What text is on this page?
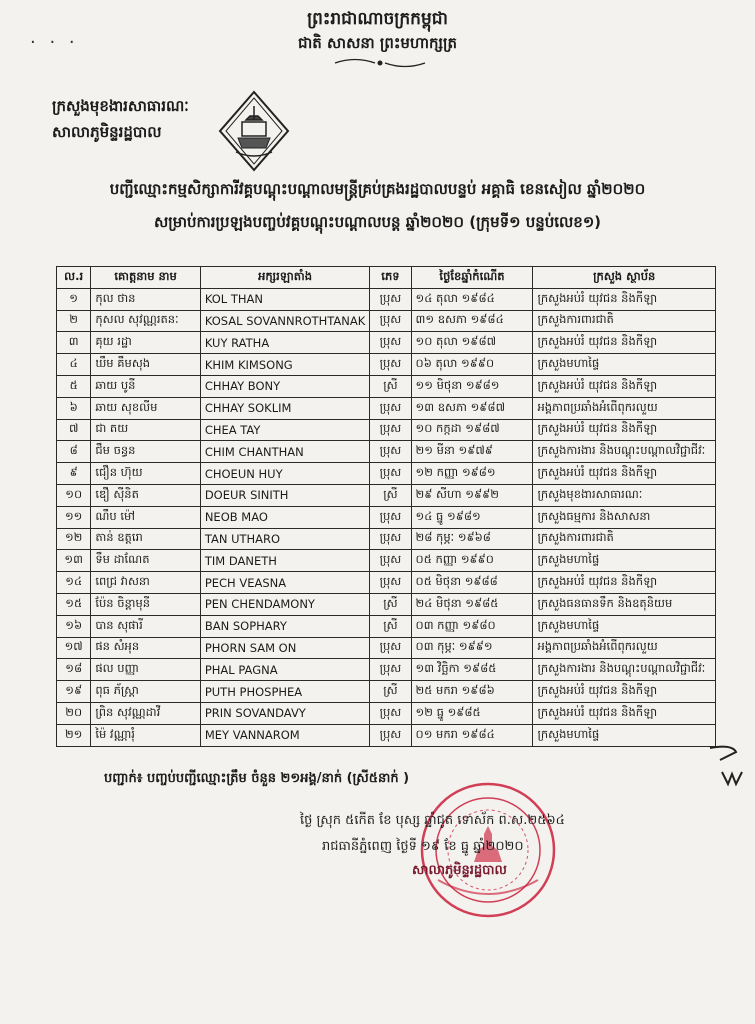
· · ·
ព្រះរាជាណាចក្រកម្ពុជា
ជាតិ សាសនា ព្រះមហាក្សត្រ
ក្រសួងមុខងារសាធារណៈ
សាលាភូមិន្ទរដ្ឋបាល
បញ្ជីឈ្មោះកម្មសិក្សាការីវគ្គបណ្តុះបណ្តាលមន្ត្រីគ្រប់គ្រងរដ្ឋបាលបន្ទប់ អគ្គាធិ ខេនសៀល ឆ្នាំ២០២០
សម្រាប់ការប្រឡងបញ្ចប់វគ្គបណ្តុះបណ្តាលបន្ត ឆ្នាំ២០២០ (ក្រុមទី១ បន្ទប់លេខ១)
ល.រ	គោត្តនាម នាម	អក្សរឡាតាំង	ភេទ	ថ្ងៃខែឆ្នាំកំណើត	ក្រសួង ស្ថាប័ន
១	កុល ថាន	KOL THAN	ប្រុស	១៤ តុលា ១៩៨៤	ក្រសួងអប់រំ យុវជន និងកីឡា
២	កុសល សុវណ្ណរតនៈ	KOSAL SOVANNROTHTANAK	ប្រុស	៣១ ឧសភា ១៩៨៤	ក្រសួងការពារជាតិ
៣	គុយ រដ្ឋា	KUY RATHA	ប្រុស	១០ តុលា ១៩៨៧	ក្រសួងអប់រំ យុវជន និងកីឡា
៤	ឃឹម គឹមសុង	KHIM KIMSONG	ប្រុស	០៦ តុលា ១៩៩០	ក្រសួងមហាផ្ទៃ
៥	ឆាយ បូនី	CHHAY BONY	ស្រី	១១ មិថុនា ១៩៨១	ក្រសួងអប់រំ យុវជន និងកីឡា
៦	ឆាយ សុខលីម	CHHAY SOKLIM	ប្រុស	១៣ ឧសភា ១៩៨៧	អង្គភាពប្រឆាំងអំពើពុករលួយ
៧	ជា តយ	CHEA TAY	ប្រុស	១០ កក្កដា ១៩៨៧	ក្រសួងអប់រំ យុវជន និងកីឡា
៨	ជឹម ចន្ធន	CHIM CHANTHAN	ប្រុស	២១ មីនា ១៩៧៩	ក្រសួងការងារ និងបណ្តុះបណ្តាលវិជ្ជាជីវៈ
៩	ជឿន ហ៊ុយ	CHOEUN HUY	ប្រុស	១២ កញ្ញា ១៩៨១	ក្រសួងអប់រំ យុវជន និងកីឡា
១០	ឌឿ ស៊ីនិត	DOEUR SINITH	ស្រី	២៩ សីហា ១៩៩២	ក្រសួងមុខងារសាធារណៈ
១១	ណឹប ម៉ៅ	NEOB MAO	ប្រុស	១៤ ធ្នូ ១៩៨១	ក្រសួងធម្មការ និងសាសនា
១២	តាន់ ឧត្តរោ	TAN UTHARO	ប្រុស	២៨ កុម្ភៈ ១៩៦៨	ក្រសួងការពារជាតិ
១៣	ទឹម ដាណែត	TIM DANETH	ប្រុស	០៥ កញ្ញា ១៩៩០	ក្រសួងមហាផ្ទៃ
១៤	ពេជ្រ វាសនា	PECH VEASNA	ប្រុស	០៥ មិថុនា ១៩៨៨	ក្រសួងអប់រំ យុវជន និងកីឡា
១៥	ប៉ែន ចិន្តាមុនី	PEN CHENDAMONY	ស្រី	២៤ មិថុនា ១៩៨៥	ក្រសួងធនធានទឹក និងឧតុនិយម
១៦	បាន សុផារី	BAN SOPHARY	ស្រី	០៣ កញ្ញា ១៩៨០	ក្រសួងមហាផ្ទៃ
១៧	ផន សំអុន	PHORN SAM ON	ប្រុស	០៣ កុម្ភៈ ១៩៩១	អង្គភាពប្រឆាំងអំពើពុករលួយ
១៨	ផល បញ្ញា	PHAL PAGNA	ប្រុស	១៣ វិច្ឆិកា ១៩៨៥	ក្រសួងការងារ និងបណ្តុះបណ្តាលវិជ្ជាជីវៈ
១៩	ពុធ ភ័ស្ត្រា	PUTH PHOSPHEA	ស្រី	២៥ មករា ១៩៨៦	ក្រសួងអប់រំ យុវជន និងកីឡា
២០	ព្រិន សុវណ្ណដាវី	PRIN SOVANDAVY	ប្រុស	១២ ធ្នូ ១៩៨៥	ក្រសួងអប់រំ យុវជន និងកីឡា
២១	ម៉ៃ វណ្ណារុំ	MEY VANNAROM	ប្រុស	០១ មករា ១៩៨៤	ក្រសួងមហាផ្ទៃ
បញ្ជាក់៖ បញ្ចប់បញ្ជីឈ្មោះត្រឹម ចំនួន ២១អង្គ/នាក់ (ស្រី៥នាក់ )
ថ្ងៃ ស្រុក ៥កើត ខែ បុស្ស ឆ្នាំជូត ទោស័ក ព.ស.២៥៦៤
រាជធានីភ្នំពេញ ថ្ងៃទី ១៩ ខែ ធ្នូ ឆ្នាំ២០២០
សាលាភូមិន្ទរដ្ឋបាល
